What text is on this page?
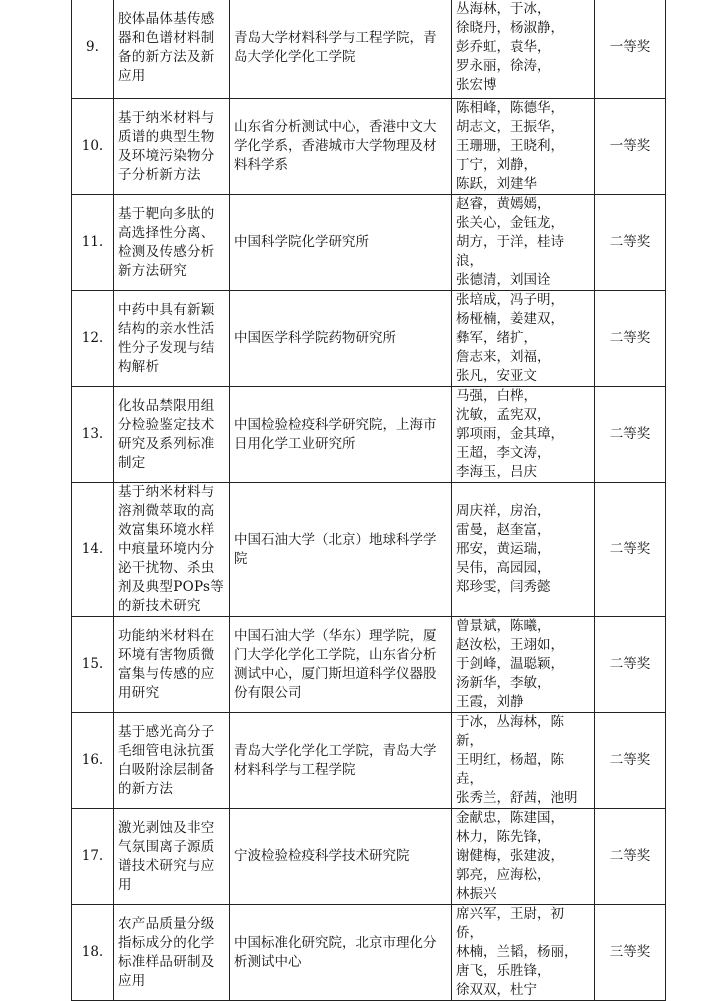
9.	胶体晶体基传感器和色谱材料制备的新方法及新应用	青岛大学材料科学与工程学院，青岛大学化学化工学院	丛海林，于冰，
徐晓丹，杨淑静，
彭乔虹，袁华，
罗永丽，徐涛，
张宏博	一等奖
10.	基于纳米材料与质谱的典型生物及环境污染物分子分析新方法	山东省分析测试中心，香港中文大学化学系，香港城市大学物理及材料科学系	陈相峰，陈德华，
胡志文，王振华，
王珊珊，王晓利，
丁宁，刘静，
陈跃，刘建华	一等奖
11.	基于靶向多肽的高选择性分离、检测及传感分析新方法研究	中国科学院化学研究所	赵睿，黄嫣嫣，
张关心，金钰龙，
胡方，于洋，桂诗浪，
张德清，刘国诠	二等奖
12.	中药中具有新颖结构的亲水性活性分子发现与结构解析	中国医学科学院药物研究所	张培成，冯子明，
杨桠楠，姜建双，
彝军，绪扩，
詹志来，刘福，
张凡，安亚文	二等奖
13.	化妆品禁限用组分检验鉴定技术研究及系列标准制定	中国检验检疫科学研究院，上海市日用化学工业研究所	马强，白桦，
沈敏，孟宪双，
郭项雨，金其璋，
王超，李文涛，
李海玉，吕庆	二等奖
14.	基于纳米材料与溶剂微萃取的高效富集环境水样中痕量环境内分泌干扰物、杀虫剂及典型POPs等的新技术研究	中国石油大学（北京）地球科学学院	周庆祥，房治，
雷曼，赵奎富，
邢安，黄运瑞，
吴伟，高园园，
郑珍雯，闫秀懿	二等奖
15.	功能纳米材料在环境有害物质微富集与传感的应用研究	中国石油大学（华东）理学院，厦门大学化学化工学院，山东省分析测试中心，厦门斯坦道科学仪器股份有限公司	曾景斌，陈曦，
赵汝松，王翊如，
于剑峰，温聪颖，
汤新华，李敏，
王霞，刘静	二等奖
16.	基于感光高分子毛细管电泳抗蛋白吸附涂层制备的新方法	青岛大学化学化工学院，青岛大学材料科学与工程学院	于冰，丛海林，陈新，
王明红，杨超，陈垚，
张秀兰，舒茜，池明	二等奖
17.	激光剥蚀及非空气氛围离子源质谱技术研究与应用	宁波检验检疫科学技术研究院	金献忠，陈建国，
林力，陈先锋，
谢健梅，张建波，
郭亮，应海松，
林振兴	二等奖
18.	农产品质量分级指标成分的化学标准样品研制及应用	中国标准化研究院，北京市理化分析测试中心	席兴军，王尉，初侨，
林楠，兰韬，杨丽，
唐飞，乐胜锋，
徐双双，杜宁	三等奖
